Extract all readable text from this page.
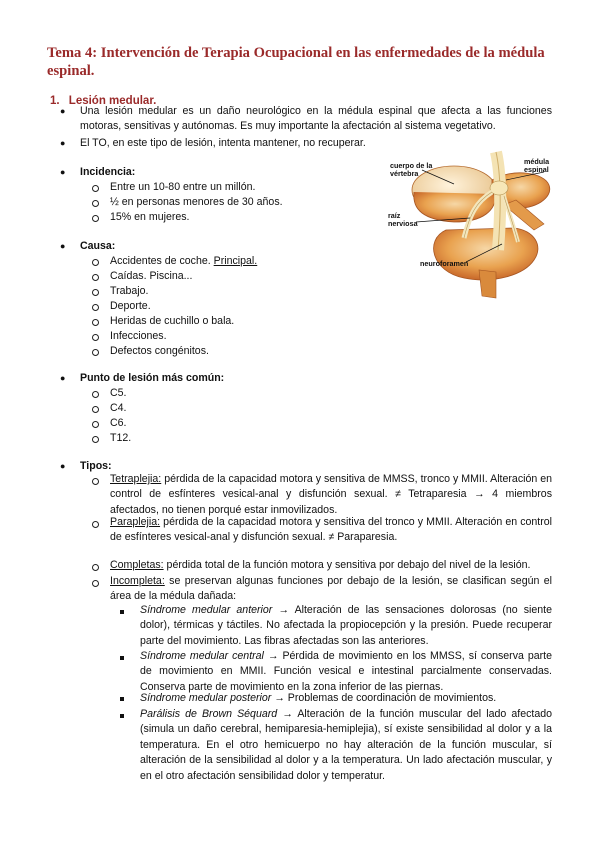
Tema 4: Intervención de Terapia Ocupacional en las enfermedades de la médula espinal.
1. Lesión medular.
● Una lesión medular es un daño neurológico en la médula espinal que afecta a las funciones motoras, sensitivas y autónomas. Es muy importante la afectación al sistema vegetativo.
● El TO, en este tipo de lesión, intenta mantener, no recuperar.
● Incidencia:
Entre un 10-80 entre un millón.
½ en personas menores de 30 años.
15% en mujeres.
● Causa:
Accidentes de coche. Principal.
Caídas. Piscina...
Trabajo.
Deporte.
Heridas de cuchillo o bala.
Infecciones.
Defectos congénitos.
● Punto de lesión más común:
C5.
C4.
C6.
T12.
● Tipos:
Tetraplejia: pérdida de la capacidad motora y sensitiva de MMSS, tronco y MMII. Alteración en control de esfínteres vesical-anal y disfunción sexual. ≠ Tetraparesia → 4 miembros afectados, no tienen porqué estar inmovilizados.
Paraplejia: pérdida de la capacidad motora y sensitiva del tronco y MMII. Alteración en control de esfínteres vesical-anal y disfunción sexual. ≠ Paraparesia.
Completas: pérdida total de la función motora y sensitiva por debajo del nivel de la lesión.
Incompleta: se preservan algunas funciones por debajo de la lesión, se clasifican según el área de la médula dañada:
Síndrome medular anterior → Alteración de las sensaciones dolorosas (no siente dolor), térmicas y táctiles. No afectada la propiocepción y la presión. Puede recuperar parte del movimiento. Las fibras afectadas son las anteriores.
Síndrome medular central → Pérdida de movimiento en los MMSS, sí conserva parte de movimiento en MMII. Función vesical e intestinal parcialmente conservadas. Conserva parte de movimiento en la zona inferior de las piernas.
Síndrome medular posterior → Problemas de coordinación de movimientos.
Parálisis de Brown Séquard → Alteración de la función muscular del lado afectado (simula un daño cerebral, hemiparesia-hemiplejia), sí existe sensibilidad al dolor y a la temperatura. En el otro hemicuerpo no hay alteración de la función muscular, sí alteración de la sensibilidad al dolor y a la temperatura. Un lado afectación muscular, y en el otro afectación sensibilidad dolor y temperatur.
cuerpo de la vértebra
médula espinal
raíz nerviosa
neuroforamen
